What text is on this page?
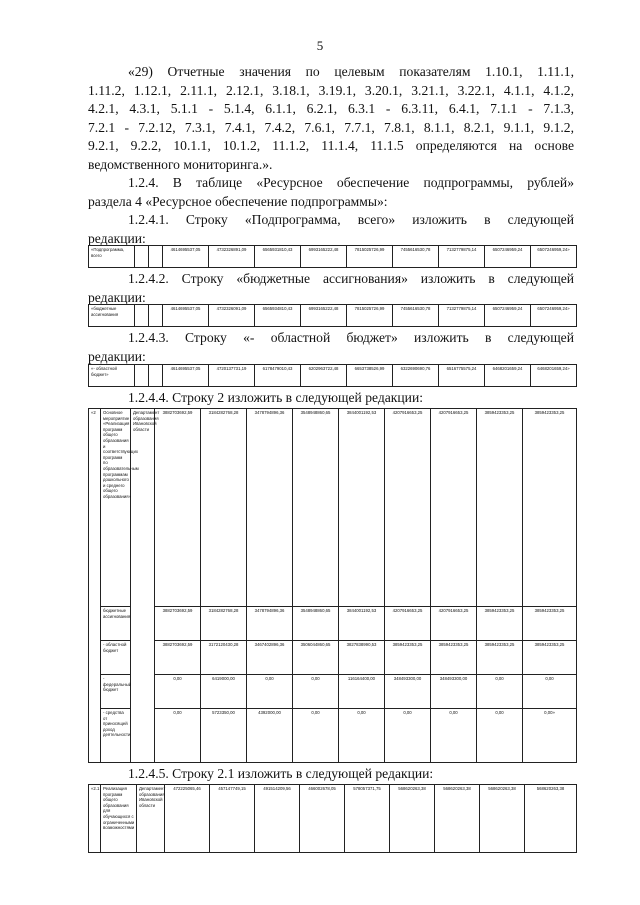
5
«29) Отчетные значения по целевым показателям 1.10.1, 1.11.1,
1.11.2, 1.12.1, 2.11.1, 2.12.1, 3.18.1, 3.19.1, 3.20.1, 3.21.1, 3.22.1, 4.1.1, 4.1.2,
4.2.1, 4.3.1, 5.1.1 - 5.1.4, 6.1.1, 6.2.1, 6.3.1 - 6.3.11, 6.4.1, 7.1.1 - 7.1.3,
7.2.1 - 7.2.12, 7.3.1, 7.4.1, 7.4.2, 7.6.1, 7.7.1, 7.8.1, 8.1.1, 8.2.1, 9.1.1, 9.1.2,
9.2.1, 9.2.2, 10.1.1, 10.1.2, 11.1.2, 11.1.4, 11.1.5 определяются на основе
ведомственного мониторинга.».
1.2.4. В таблице «Ресурсное обеспечение подпрограммы, рублей»
раздела 4 «Ресурсное обеспечение подпрограммы»:
1.2.4.1. Строку «Подпрограмма, всего» изложить в следующей
редакции:
«Подпрограмма, всего			4614695537,05	4732326891,09	6565931810,43	6993165222,48	7815025726,99	7455616530,78	7132779875,14	6507246959,24	6507246959,24»
1.2.4.2. Строку «бюджетные ассигнования» изложить в следующей
редакции:
«бюджетные ассигнования			4614695537,05	4732326091,09	6565934810,43	6993165222,48	7815025726,99	7455616530,78	7132779875,14	6507246959,24	6507246959,24»
1.2.4.3. Строку «- областной бюджет» изложить в следующей
редакции:
«- областной бюджет»			4614695537,05	4720137731,19	6178479010,43	6202963722,48	6653738526,99	6322690690,76	6516775575,24	6468201659,24	6468201659,24»
1.2.4.4. Строку 2 изложить в следующей редакции:
«2	Основное мероприятие «Реализация программ общего образования и соответствующих программ по образовательным программам дошкольного и среднего общего образования»	Департамент образования Ивановской области	3882703692,59	3184282768,28	3478794896,36	3548948860,65	3844001192,53	4207916653,25	4207916653,25	3859423353,25	3859423353,25
	бюджетные ассигнования		3882703692,59	3184282768,28	3478794896,36	3548948860,65	3844001192,53	4207916653,25	4207916653,25	3859423353,25	3859423353,25
	- областной бюджет		3882703692,59	3172120430,28	3467402896,36	3506044860,65	3827838990,53	3859423353,25	3859423353,25	3859423353,25	3859423353,25
	- федеральный бюджет		0,00	6419000,00	0,00	0,00	116164400,00	348493300,00	348493300,00	0,00	0,00
	- средства от приносящей доход деятельности		0,00	5723350,00	4392000,00	0,00	0,00	0,00	0,00	0,00	0,00»
1.2.4.5. Строку 2.1 изложить в следующей редакции:
«2.1	Реализация программ общего образования для обучающихся с ограниченными возможностями	Департамент образования Ивановской области	472225065,46	457147749,15	491514209,56	466002678,05	578057371,75	568620263,38	568620263,38	568620263,38	568620263,38
